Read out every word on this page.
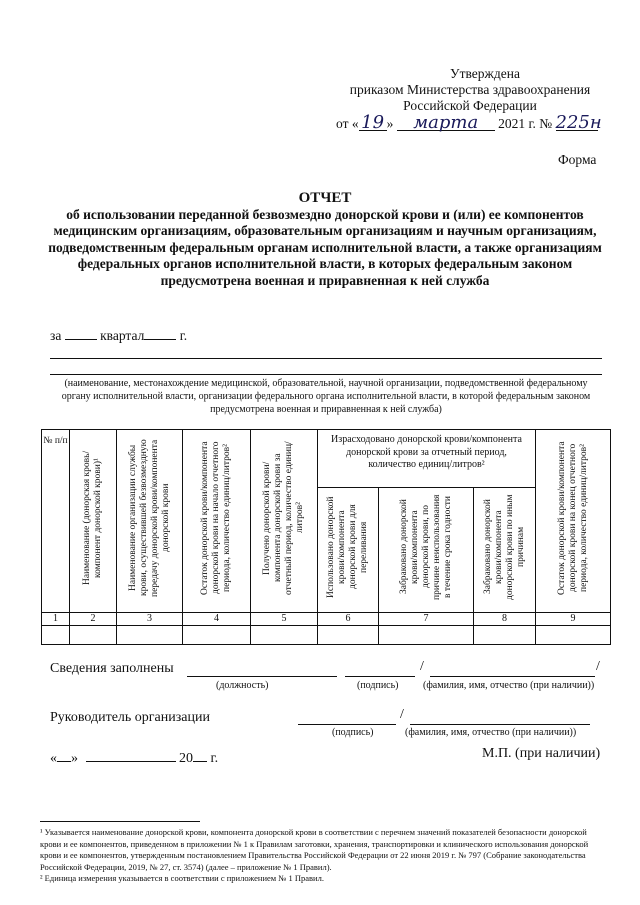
Утверждена
приказом Министерства здравоохранения
Российской Федерации
от « 19 » марта 2021 г. № 225н
Форма
ОТЧЕТ
об использовании переданной безвозмездно донорской крови и (или) ее компонентов медицинским организациям, образовательным организациям и научным организациям, подведомственным федеральным органам исполнительной власти, а также организациям федеральных органов исполнительной власти, в которых федеральным законом предусмотрена военная и приравненная к ней служба
за	квартал	г.
(наименование, местонахождение медицинской, образовательной, научной организации, подведомственной федеральному органу исполнительной власти, организации федерального органа исполнительной власти, в которой федеральным законом предусмотрена военная и приравненная к ней служба)
№ п/п	Наименование (донорская кровь/компонент донорской крови)¹	Наименование организации службы крови, осуществившей безвозмездную передачу донорской крови/компонента донорской крови	Остаток донорской крови/компонента донорской крови на начало отчетного периода, количество единиц/литров²	Получено донорской крови/компонента донорской крови за отчетный период, количество единиц/литров²	Израсходовано донорской крови/компонента донорской крови за отчетный период, количество единиц/литров²			Остаток донорской крови/компонента донорской крови на конец отчетного периода, количество единиц/литров²

					Использовано донорской крови/компонента донорской крови для переливания	Забраковано донорской крови/компонента донорской крови, по причине неиспользования в течение срока годности	Забраковано донорской крови/компонента донорской крови по иным причинам	

1	2	3	4	5	6	7	8	9

Сведения заполнены	/	/
(должность)	(подпись) (фамилия, имя, отчество (при наличии))
Руководитель организации	/
(подпись)	(фамилия, имя, отчество (при наличии))
« »	20 г.	М.П. (при наличии)
¹ Указывается наименование донорской крови, компонента донорской крови в соответствии с перечнем значений показателей безопасности донорской крови и ее компонентов, приведенном в приложении № 1 к Правилам заготовки, хранения, транспортировки и клинического использования донорской крови и ее компонентов, утвержденным постановлением Правительства Российской Федерации от 22 июня 2019 г. № 797 (Собрание законодательства Российской Федерации, 2019, № 27, ст. 3574) (далее – приложение № 1 Правил).
² Единица измерения указывается в соответствии с приложением № 1 Правил.
